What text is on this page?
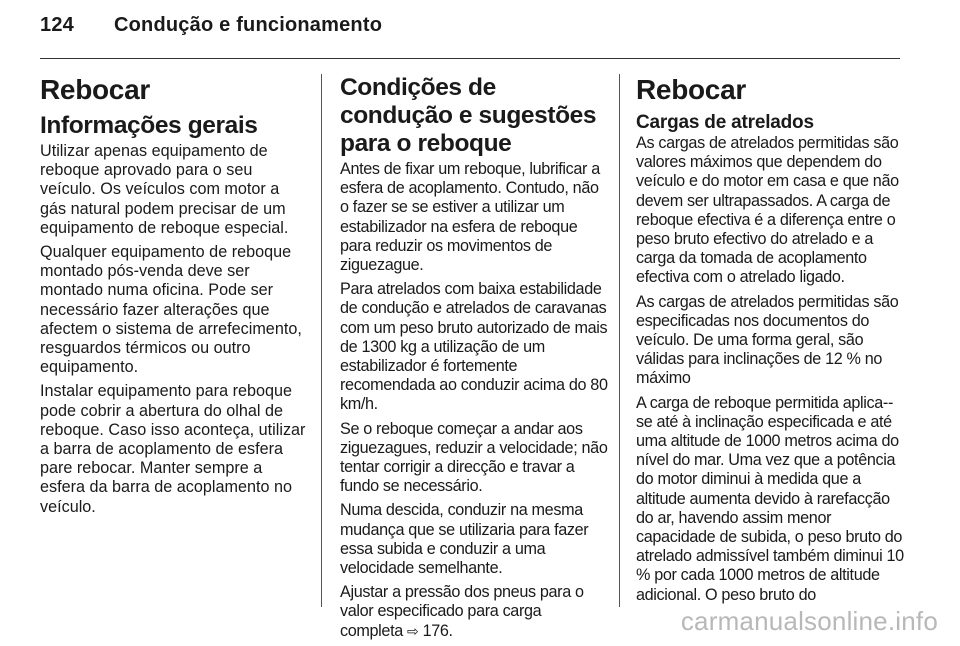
124 Condução e funcionamento
Rebocar
Informações gerais

Utilizar apenas equipamento de reboque aprovado para o seu veículo. Os veículos com motor a gás natural podem precisar de um equipamento de reboque especial.

Qualquer equipamento de reboque montado pós-venda deve ser montado numa oficina. Pode ser necessário fazer alterações que afectem o sistema de arrefecimento, resguardos térmicos ou outro equipamento.

Instalar equipamento para reboque pode cobrir a abertura do olhal de reboque. Caso isso aconteça, utilizar a barra de acoplamento de esfera pare rebocar. Manter sempre a esfera da barra de acoplamento no veículo.

Condições de condução e sugestões para o reboque

Antes de fixar um reboque, lubrificar a esfera de acoplamento. Contudo, não o fazer se se estiver a utilizar um estabilizador na esfera de reboque para reduzir os movimentos de ziguezague.

Para atrelados com baixa estabilidade de condução e atrelados de caravanas com um peso bruto autorizado de mais de 1300 kg a utilização de um estabilizador é fortemente recomendada ao conduzir acima do 80 km/h.

Se o reboque começar a andar aos ziguezagues, reduzir a velocidade; não tentar corrigir a direcção e travar a fundo se necessário.

Numa descida, conduzir na mesma mudança que se utilizaria para fazer essa subida e conduzir a uma velocidade semelhante.

Ajustar a pressão dos pneus para o valor especificado para carga completa ⇨ 176.

Rebocar
Cargas de atrelados

As cargas de atrelados permitidas são valores máximos que dependem do veículo e do motor em casa e que não devem ser ultrapassados. A carga de reboque efectiva é a diferença entre o peso bruto efectivo do atrelado e a carga da tomada de acoplamento efectiva com o atrelado ligado.

As cargas de atrelados permitidas são especificadas nos documentos do veículo. De uma forma geral, são válidas para inclinações de 12 % no máximo

A carga de reboque permitida aplica--se até à inclinação especificada e até uma altitude de 1000 metros acima do nível do mar. Uma vez que a potência do motor diminui à medida que a altitude aumenta devido à rarefacção do ar, havendo assim menor capacidade de subida, o peso bruto do atrelado admissível também diminui 10 % por cada 1000 metros de altitude adicional. O peso bruto do

carmanualsonline.info
